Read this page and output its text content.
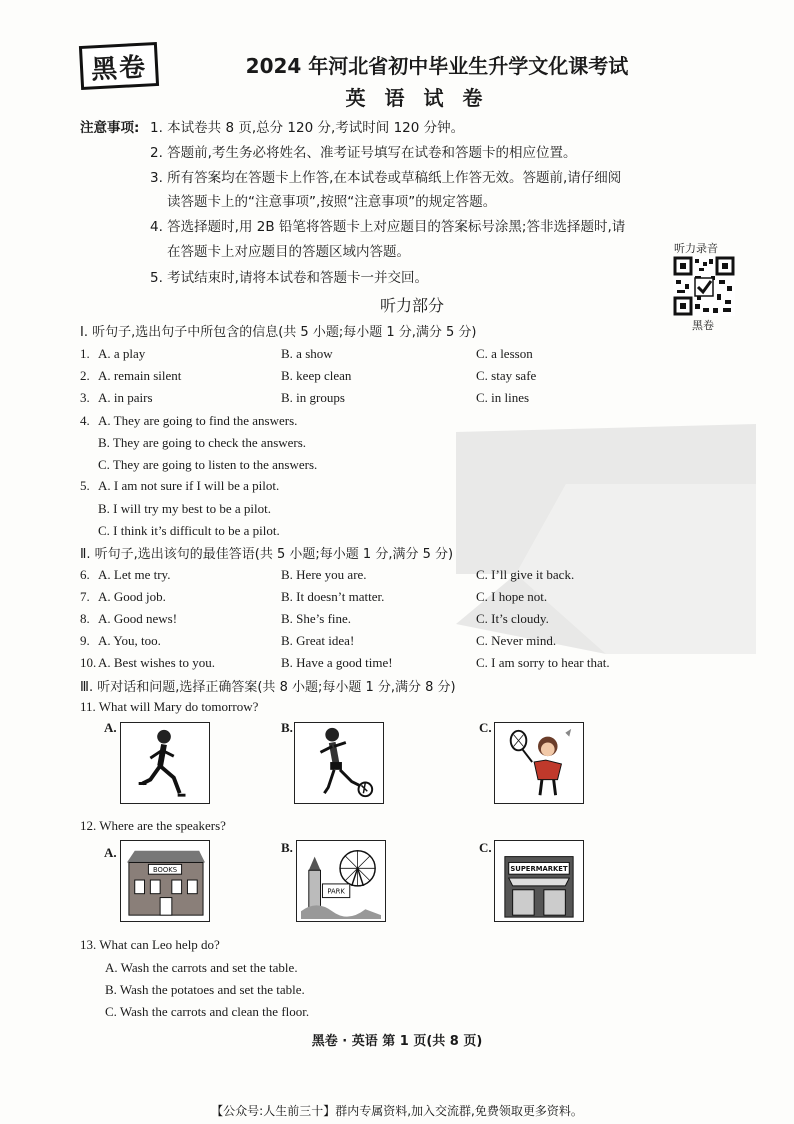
黑卷	2024 年河北省初中毕业生升学文化课考试
英 语 试 卷
注意事项: 1. 本试卷共 8 页,总分 120 分,考试时间 120 分钟。
2. 答题前,考生务必将姓名、准考证号填写在试卷和答题卡的相应位置。
3. 所有答案均在答题卡上作答,在本试卷或草稿纸上作答无效。答题前,请仔细阅
读答题卡上的“注意事项”,按照“注意事项”的规定答题。
4. 答选择题时,用 2B 铅笔将答题卡上对应题目的答案标号涂黑;答非选择题时,请
在答题卡上对应题目的答题区域内答题。
5. 考试结束时,请将本试卷和答题卡一并交回。
听力录音
黑卷
听力部分
Ⅰ. 听句子,选出句子中所包含的信息(共 5 小题;每小题 1 分,满分 5 分)
1. A. a play	B. a show	C. a lesson
2. A. remain silent	B. keep clean	C. stay safe
3. A. in pairs	B. in groups	C. in lines
4. A. They are going to find the answers.
B. They are going to check the answers.
C. They are going to listen to the answers.
5. A. I am not sure if I will be a pilot.
B. I will try my best to be a pilot.
C. I think it’s difficult to be a pilot.
Ⅱ. 听句子,选出该句的最佳答语(共 5 小题;每小题 1 分,满分 5 分)
6. A. Let me try.	B. Here you are.	C. I’ll give it back.
7. A. Good job.	B. It doesn’t matter.	C. I hope not.
8. A. Good news!	B. She’s fine.	C. It’s cloudy.
9. A. You, too.	B. Great idea!	C. Never mind.
10. A. Best wishes to you.	B. Have a good time!	C. I am sorry to hear that.
Ⅲ. 听对话和问题,选择正确答案(共 8 小题;每小题 1 分,满分 8 分)
11. What will Mary do tomorrow?
A.	B.	C.
12. Where are the speakers?
A.
BOOKS
B.
PARK
C.
SUPERMARKET
13. What can Leo help do?
A. Wash the carrots and set the table.
B. Wash the potatoes and set the table.
C. Wash the carrots and clean the floor.
黑卷 · 英语 第 1 页(共 8 页)
【公众号:人生前三十】群内专属资料,加入交流群,免费领取更多资料。
